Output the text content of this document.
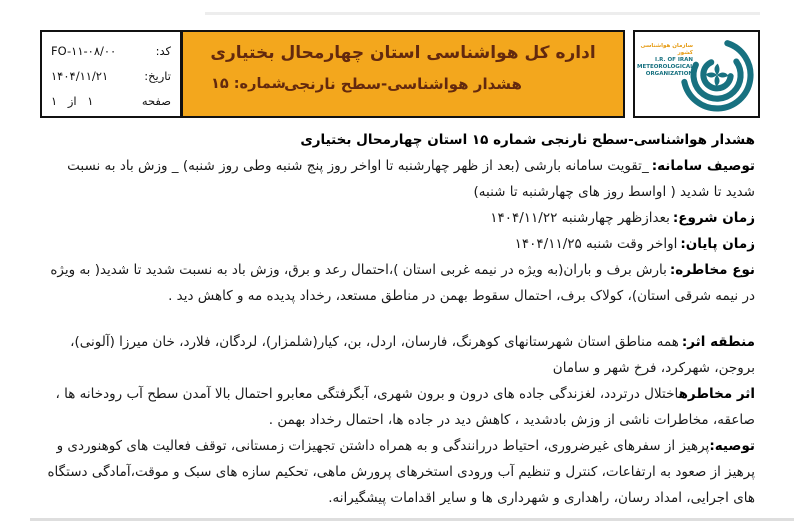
کد:
FO-۱۱-۰۸/۰۰
تاریخ:
۱۴۰۴/۱۱/۲۱
صفحه
۱ از ۱
اداره کل هواشناسی استان چهارمحال بختیاری
هشدار هواشناسی-سطح نارنجی
شماره: ۱۵
سازمان هواشناسی کشور
I.R. OF IRAN
METEOROLOGICAL
ORGANIZATION
هشدار هواشناسی-سطح نارنجی شماره ۱۵ استان چهارمحال بختیاری

توصیف سامانه:_تقویت سامانه بارشی (بعد از ظهر چهارشنبه تا اواخر روز پنج شنبه وطی روز شنبه) _ وزش باد به نسبت شدید تا شدید ( اواسط روز های چهارشنبه تا شنبه)

زمان شروع:بعدازظهر چهارشنبه ۱۴۰۴/۱۱/۲۲

زمان پایان:اواخر وقت شنبه ۱۴۰۴/۱۱/۲۵

نوع مخاطره:بارش برف و باران(به ویژه در نیمه غربی استان )،احتمال رعد و برق، وزش باد به نسبت شدید تا شدید( به ویژه در نیمه شرقی استان)، کولاک برف، احتمال سقوط بهمن در مناطق مستعد، رخداد پدیده مه و کاهش دید .

منطقه اثر:همه مناطق استان شهرستانهای کوهرنگ، فارسان، اردل، بن، کیار(شلمزار)، لردگان، فلارد، خان میرزا (آلونی)، بروجن، شهرکرد، فرخ شهر و سامان

اثر مخاطرهاختلال درتردد، لغزندگی جاده های درون و برون شهری، آبگرفتگی معابرو احتمال بالا آمدن سطح آب رودخانه ها ، صاعقه، مخاطرات ناشی از وزش بادشدید ، کاهش دید در جاده ها، احتمال رخداد بهمن .

توصیه:پرهیز از سفرهای غیرضروری، احتیاط دررانندگی و به همراه داشتن تجهیزات زمستانی، توقف فعالیت های کوهنوردی و پرهیز از صعود به ارتفاعات، کنترل و تنظیم آب ورودی استخرهای پرورش ماهی، تحکیم سازه های سبک و موقت،آمادگی دستگاه های اجرایی، امداد رسان، راهداری و شهرداری ها و سایر اقدامات پیشگیرانه.
